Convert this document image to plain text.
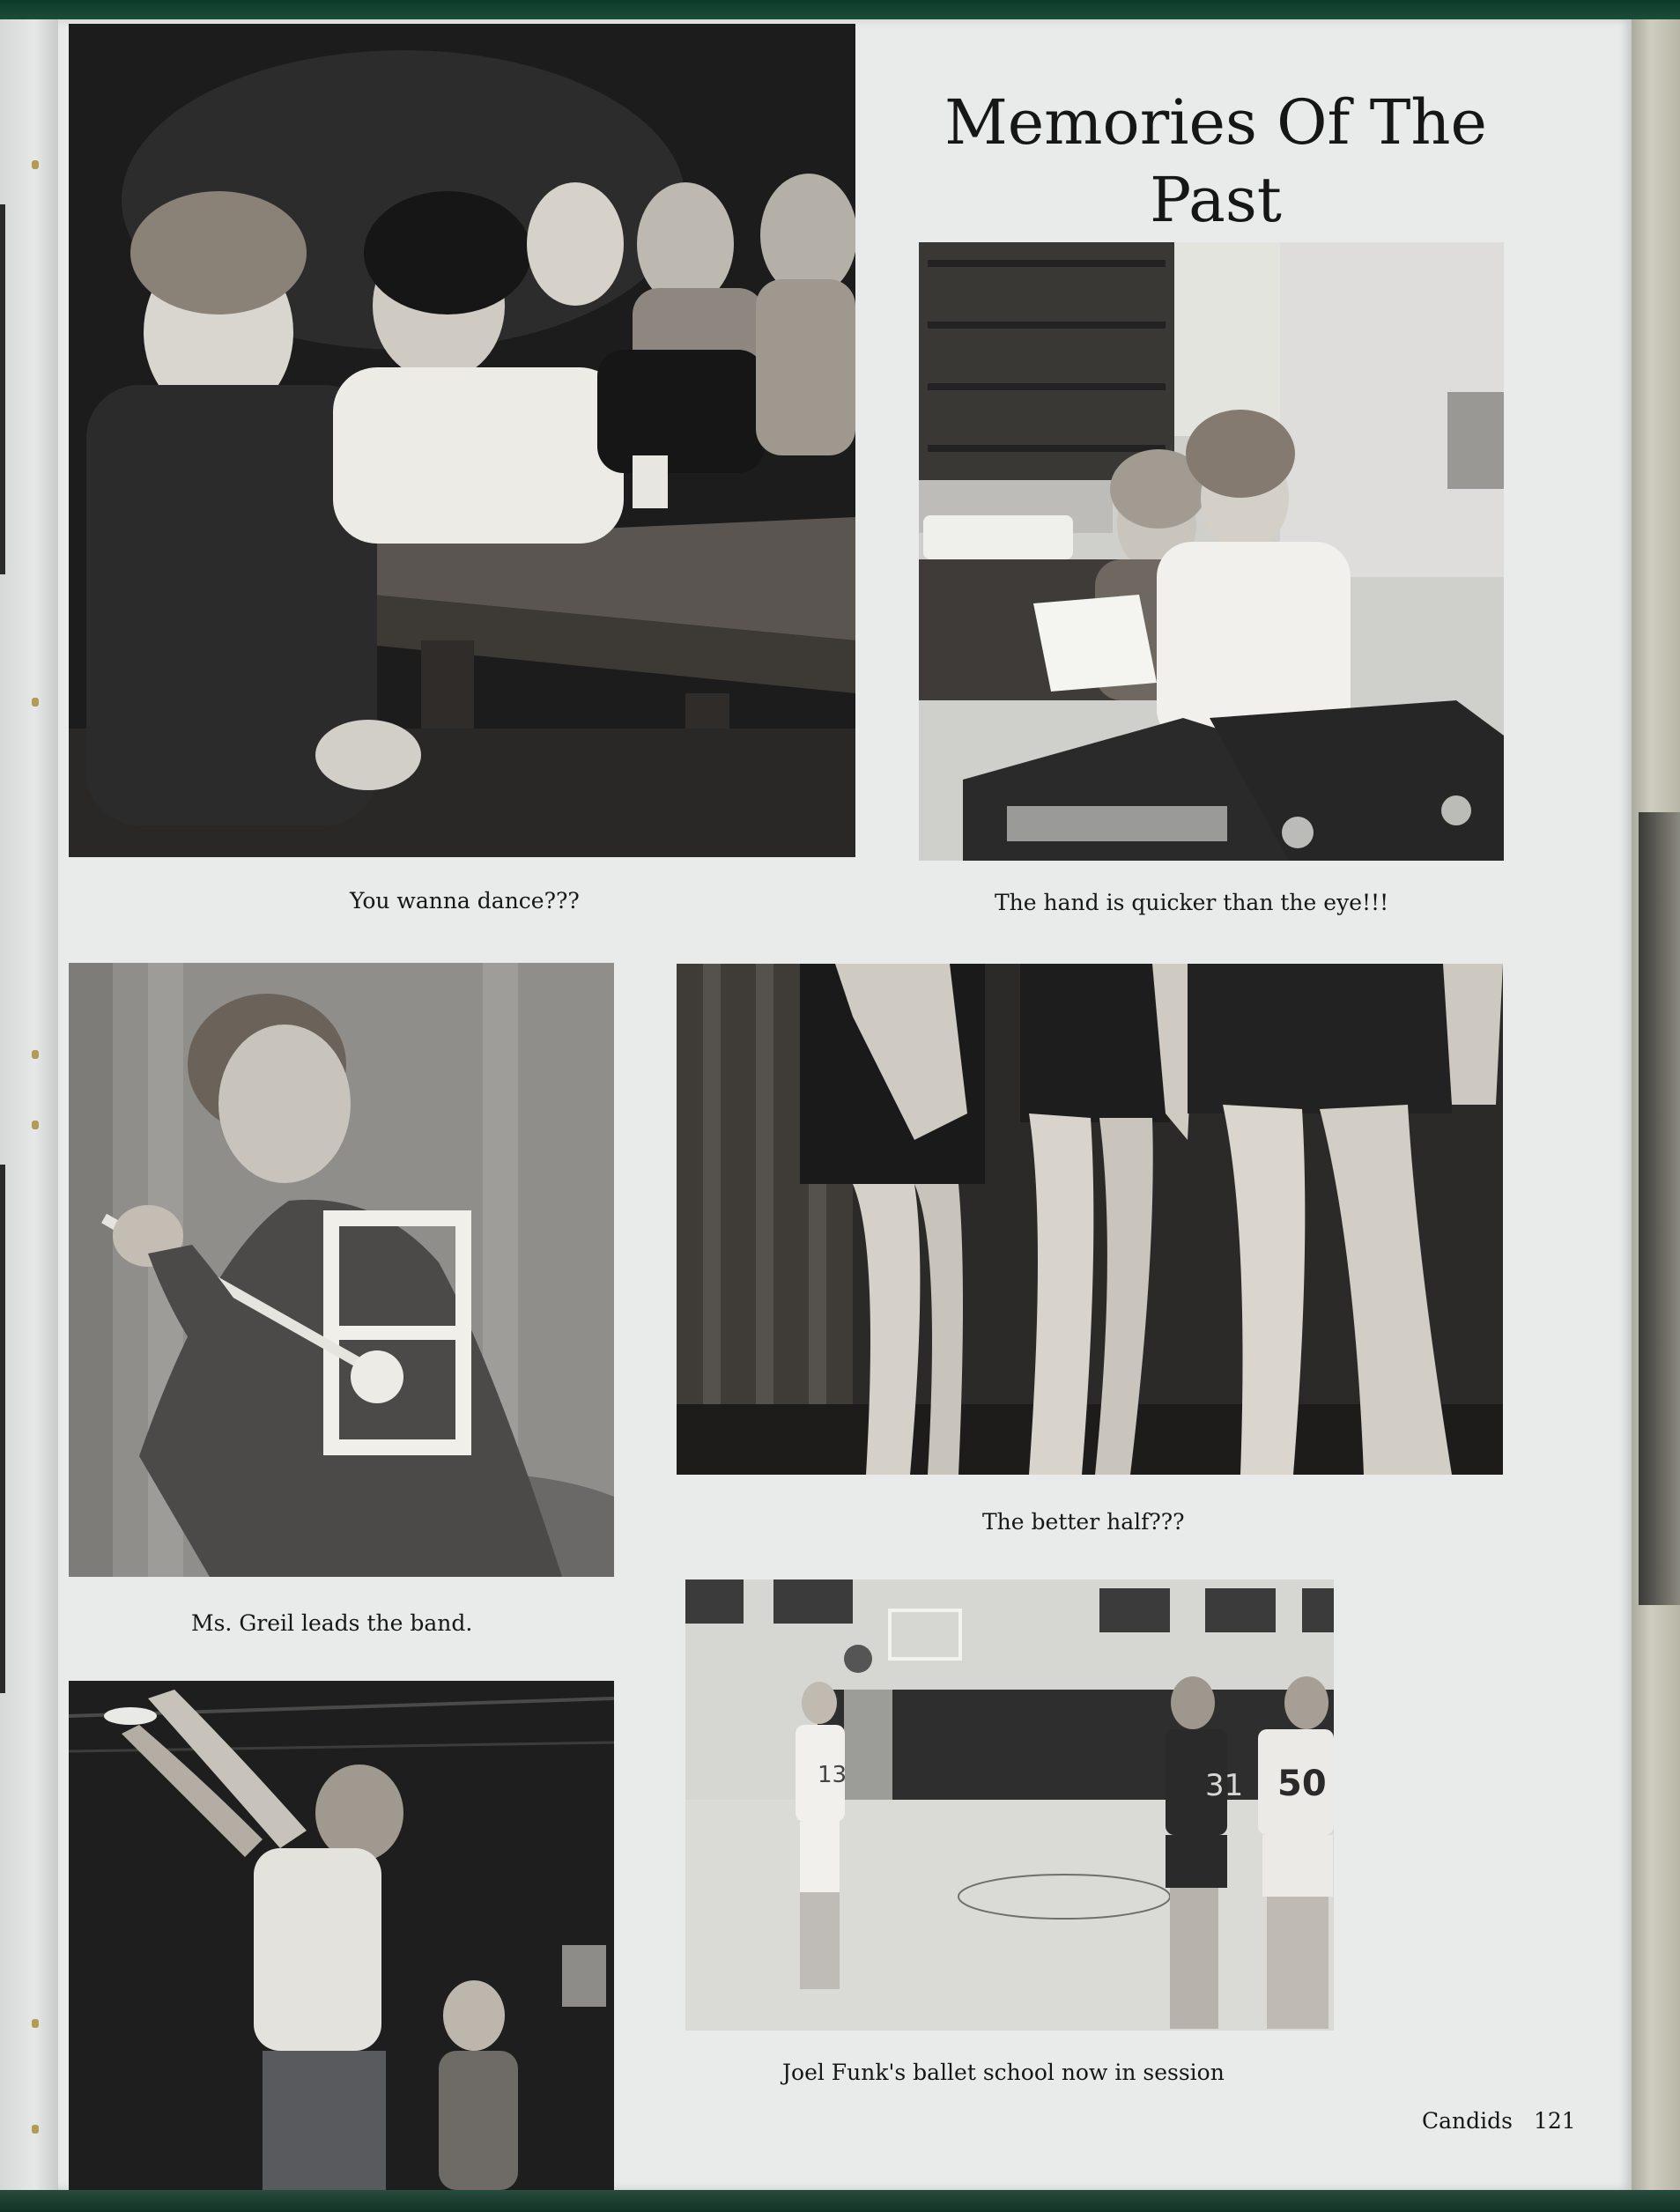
Memories Of The Past
13	31 50
You wanna dance???	The hand is quicker than the eye!!!
Ms. Greil leads the band.
The better half???
Joel Funk's ballet school now in session
Candids 121
